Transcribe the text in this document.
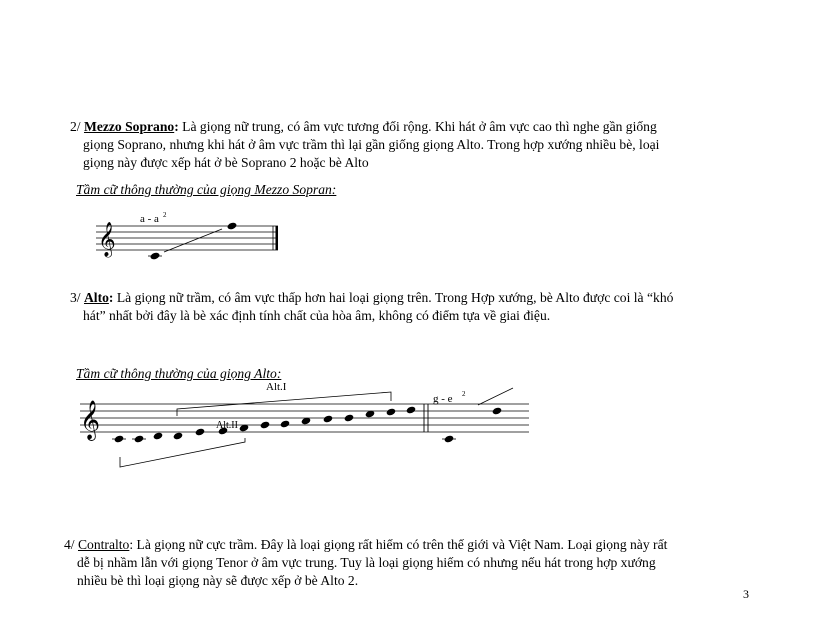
2/ Mezzo Soprano: Là giọng nữ trung, có âm vực tương đối rộng. Khi hát ở âm vực cao thì nghe gần giống
giọng Soprano, nhưng khi hát ở âm vực trầm thì lại gần giống giọng Alto. Trong hợp xướng nhiều bè, loại
giọng này được xếp hát ở bè Soprano 2 hoặc bè Alto
Tầm cữ thông thường của giọng Mezzo Sopran:
3/ Alto: Là giọng nữ trầm, có âm vực thấp hơn hai loại giọng trên. Trong Hợp xướng, bè Alto được coi là “khó
hát” nhất bởi đây là bè xác định tính chất của hòa âm, không có điểm tựa về giai điệu.
Tầm cữ thông thường của giọng Alto:
4/ Contralto: Là giọng nữ cực trầm. Đây là loại giọng rất hiếm có trên thế giới và Việt Nam. Loại giọng này rất
dễ bị nhầm lẫn với giọng Tenor ở âm vực trung. Tuy là loại giọng hiếm có nhưng nếu hát trong hợp xướng
nhiều bè thì loại giọng này sẽ được xếp ở bè Alto 2.
3
𝄞
a - a 2
𝄞
Alt.I
Alt.II
g - e 2
